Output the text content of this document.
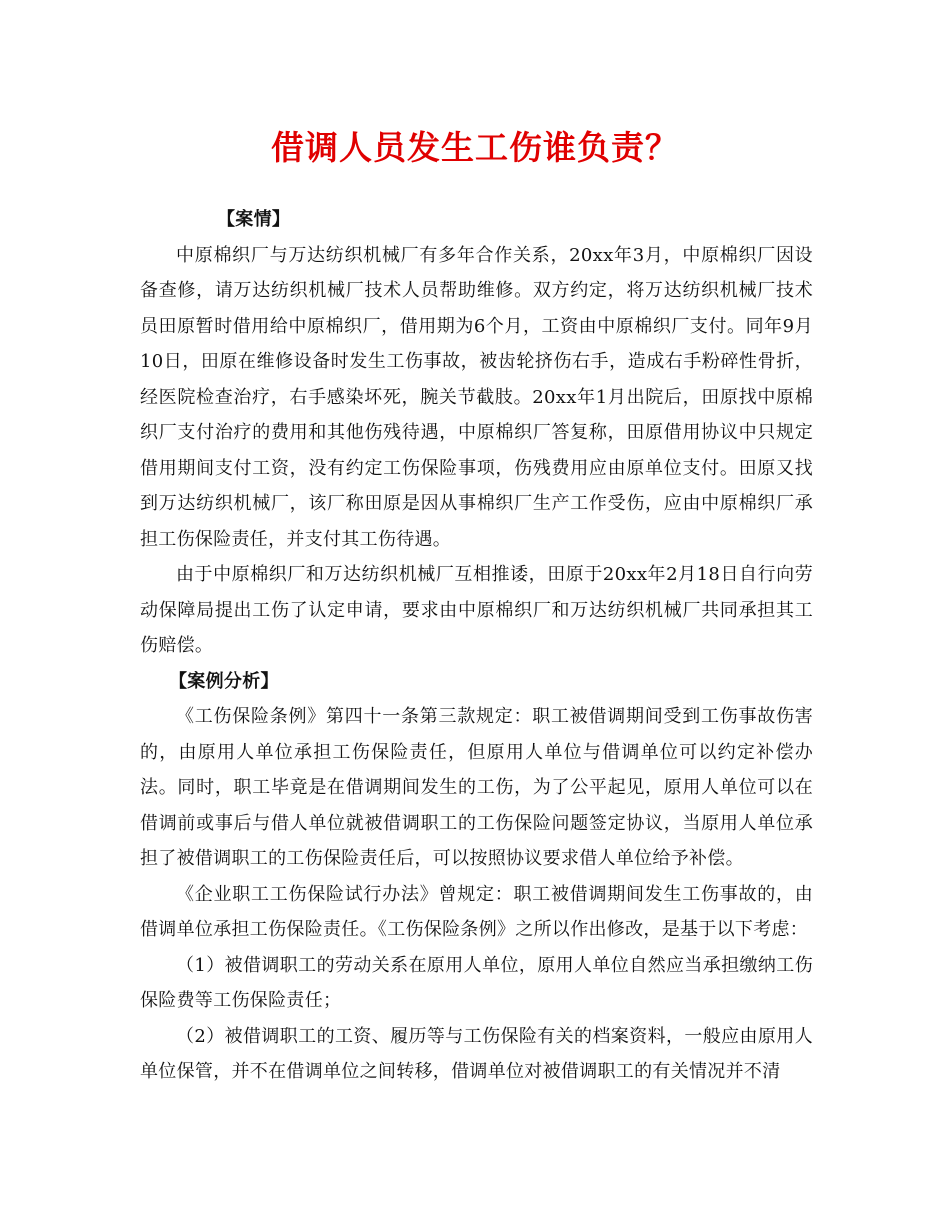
借调人员发生工伤谁负责？

【案情】

中原棉织厂与万达纺织机械厂有多年合作关系，20xx年3月，中原棉织厂因设备查修，请万达纺织机械厂技术人员帮助维修。双方约定，将万达纺织机械厂技术员田原暂时借用给中原棉织厂，借用期为6个月，工资由中原棉织厂支付。同年9月10日，田原在维修设备时发生工伤事故，被齿轮挤伤右手，造成右手粉碎性骨折，经医院检查治疗，右手感染坏死，腕关节截肢。20xx年1月出院后，田原找中原棉织厂支付治疗的费用和其他伤残待遇，中原棉织厂答复称，田原借用协议中只规定借用期间支付工资，没有约定工伤保险事项，伤残费用应由原单位支付。田原又找到万达纺织机械厂，该厂称田原是因从事棉织厂生产工作受伤，应由中原棉织厂承担工伤保险责任，并支付其工伤待遇。

由于中原棉织厂和万达纺织机械厂互相推诿，田原于20xx年2月18日自行向劳动保障局提出工伤了认定申请，要求由中原棉织厂和万达纺织机械厂共同承担其工伤赔偿。

【案例分析】

《工伤保险条例》第四十一条第三款规定：职工被借调期间受到工伤事故伤害的，由原用人单位承担工伤保险责任，但原用人单位与借调单位可以约定补偿办法。同时，职工毕竟是在借调期间发生的工伤，为了公平起见，原用人单位可以在借调前或事后与借人单位就被借调职工的工伤保险问题签定协议，当原用人单位承担了被借调职工的工伤保险责任后，可以按照协议要求借人单位给予补偿。

《企业职工工伤保险试行办法》曾规定：职工被借调期间发生工伤事故的，由借调单位承担工伤保险责任。《工伤保险条例》之所以作出修改，是基于以下考虑：

（1）被借调职工的劳动关系在原用人单位，原用人单位自然应当承担缴纳工伤保险费等工伤保险责任；

（2）被借调职工的工资、履历等与工伤保险有关的档案资料，一般应由原用人单位保管，并不在借调单位之间转移，借调单位对被借调职工的有关情况并不清
